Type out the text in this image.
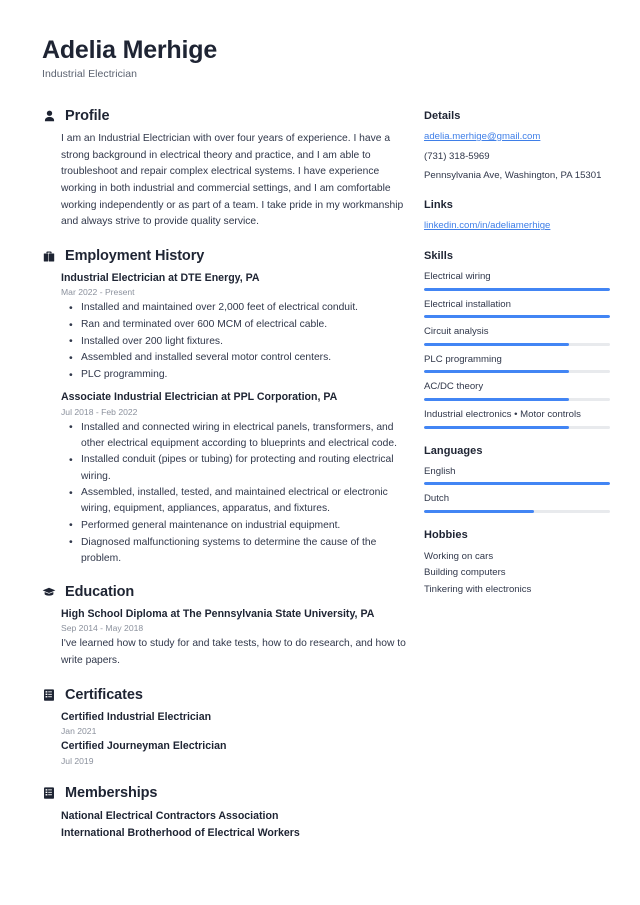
Adelia Merhige
Industrial Electrician
Profile
I am an Industrial Electrician with over four years of experience. I have a strong background in electrical theory and practice, and I am able to troubleshoot and repair complex electrical systems. I have experience working in both industrial and commercial settings, and I am comfortable working independently or as part of a team. I take pride in my workmanship and always strive to provide quality service.
Employment History
Industrial Electrician at DTE Energy, PA
Mar 2022 - Present
• Installed and maintained over 2,000 feet of electrical conduit.
• Ran and terminated over 600 MCM of electrical cable.
• Installed over 200 light fixtures.
• Assembled and installed several motor control centers.
• PLC programming.
Associate Industrial Electrician at PPL Corporation, PA
Jul 2018 - Feb 2022
• Installed and connected wiring in electrical panels, transformers, and other electrical equipment according to blueprints and electrical code.
• Installed conduit (pipes or tubing) for protecting and routing electrical wiring.
• Assembled, installed, tested, and maintained electrical or electronic wiring, equipment, appliances, apparatus, and fixtures.
• Performed general maintenance on industrial equipment.
• Diagnosed malfunctioning systems to determine the cause of the problem.
Education
High School Diploma at The Pennsylvania State University, PA
Sep 2014 - May 2018
I've learned how to study for and take tests, how to do research, and how to write papers.
Certificates
Certified Industrial Electrician
Jan 2021
Certified Journeyman Electrician
Jul 2019
Memberships
National Electrical Contractors Association
International Brotherhood of Electrical Workers
Details
adelia.merhige@gmail.com
(731) 318-5969
Pennsylvania Ave, Washington, PA 15301
Links
linkedin.com/in/adeliamerhige
Skills
Electrical wiring
Electrical installation
Circuit analysis
PLC programming
AC/DC theory
Industrial electronics • Motor controls
Languages
English
Dutch
Hobbies
Working on cars
Building computers
Tinkering with electronics
